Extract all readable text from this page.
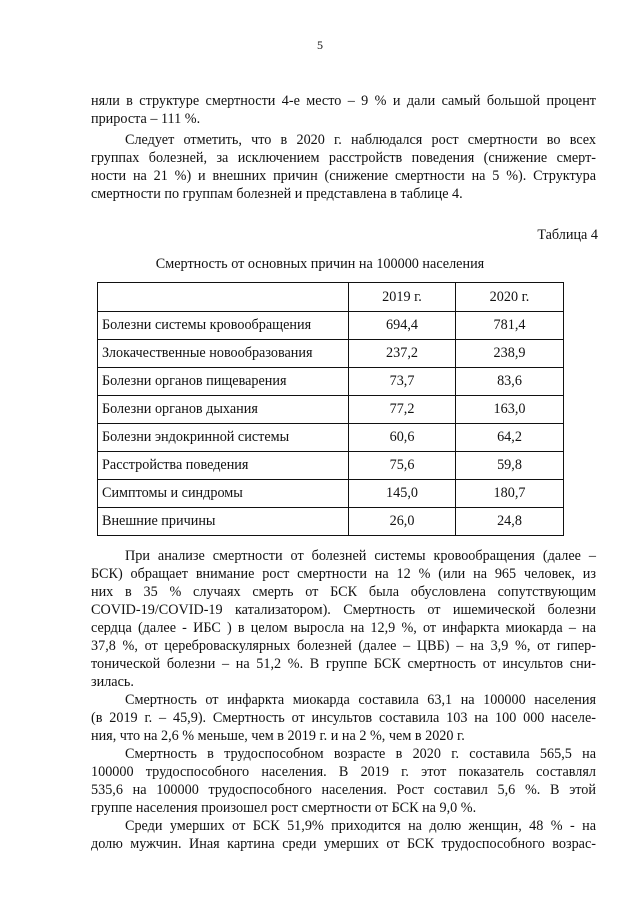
5
няли в структуре смертности 4-е место – 9 % и дали самый большой процент
прироста – 111 %.
Следует отметить, что в 2020 г. наблюдался рост смертности во всех
группах болезней, за исключением расстройств поведения (снижение смерт-
ности на 21 %) и внешних причин (снижение смертности на 5 %). Структура
смертности по группам болезней и представлена в таблице 4.
Таблица 4
Смертность от основных причин на 100000 населения
	2019 г.	2020 г.
Болезни системы кровообращения	694,4	781,4
Злокачественные новообразования	237,2	238,9
Болезни органов пищеварения	73,7	83,6
Болезни органов дыхания	77,2	163,0
Болезни эндокринной системы	60,6	64,2
Расстройства поведения	75,6	59,8
Симптомы и синдромы	145,0	180,7
Внешние причины	26,0	24,8
При анализе смертности от болезней системы кровообращения (далее –
БСК) обращает внимание рост смертности на 12 % (или на 965 человек, из
них в 35 % случаях смерть от БСК была обусловлена сопутствующим
COVID-19/COVID-19 катализатором). Смертность от ишемической болезни
сердца (далее - ИБС ) в целом выросла на 12,9 %, от инфаркта миокарда – на
37,8 %, от цереброваскулярных болезней (далее – ЦВБ) – на 3,9 %, от гипер-
тонической болезни – на 51,2 %. В группе БСК смертность от инсультов сни-
зилась.
Смертность от инфаркта миокарда составила 63,1 на 100000 населения
(в 2019 г. – 45,9). Смертность от инсультов составила 103 на 100 000 населе-
ния, что на 2,6 % меньше, чем в 2019 г. и на 2 %, чем в 2020 г.
Смертность в трудоспособном возрасте в 2020 г. составила 565,5 на
100000 трудоспособного населения. В 2019 г. этот показатель составлял
535,6 на 100000 трудоспособного населения. Рост составил 5,6 %. В этой
группе населения произошел рост смертности от БСК на 9,0 %.
Среди умерших от БСК 51,9% приходится на долю женщин, 48 % - на
долю мужчин. Иная картина среди умерших от БСК трудоспособного возрас-
